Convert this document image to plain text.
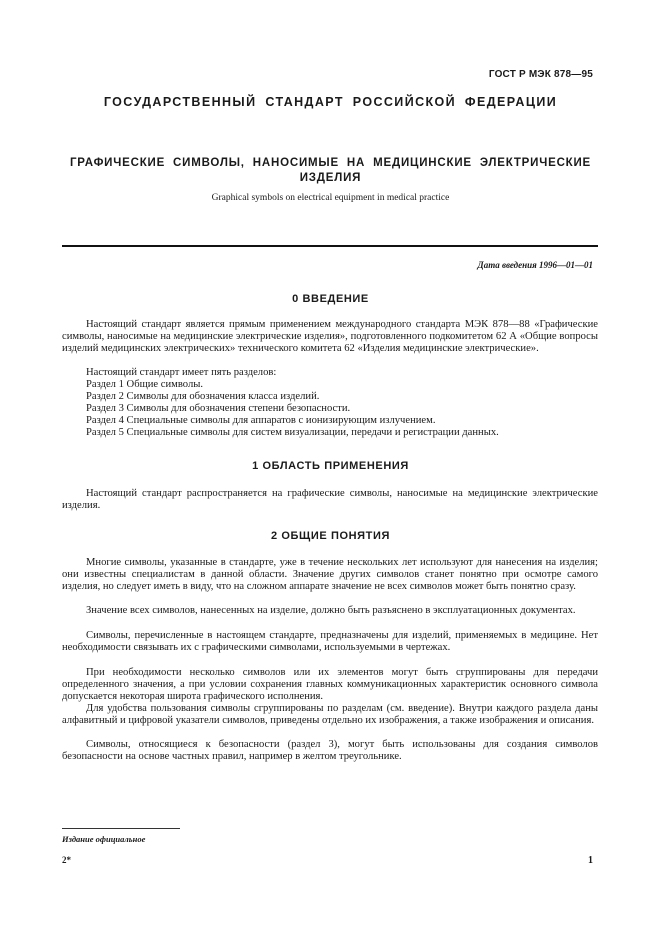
ГОСТ Р МЭК 878—95
ГОСУДАРСТВЕННЫЙ СТАНДАРТ РОССИЙСКОЙ ФЕДЕРАЦИИ
ГРАФИЧЕСКИЕ СИМВОЛЫ, НАНОСИМЫЕ НА МЕДИЦИНСКИЕ ЭЛЕКТРИЧЕСКИЕ ИЗДЕЛИЯ
Graphical symbols on electrical equipment in medical practice
Дата введения 1996—01—01
0 ВВЕДЕНИЕ

Настоящий стандарт является прямым применением международного стандарта МЭК 878—88 «Графические символы, наносимые на медицинские электрические изделия», подготовленного подкомитетом 62 А «Общие вопросы изделий медицинских электрических» технического комитета 62 «Изделия медицинские электрические».

Настоящий стандарт имеет пять разделов:
Раздел 1 Общие символы.
Раздел 2 Символы для обозначения класса изделий.
Раздел 3 Символы для обозначения степени безопасности.
Раздел 4 Специальные символы для аппаратов с ионизирующим излучением.
Раздел 5 Специальные символы для систем визуализации, передачи и регистрации данных.
1 ОБЛАСТЬ ПРИМЕНЕНИЯ

Настоящий стандарт распространяется на графические символы, наносимые на медицинские электрические изделия.

2 ОБЩИЕ ПОНЯТИЯ

Многие символы, указанные в стандарте, уже в течение нескольких лет используют для нанесения на изделия; они известны специалистам в данной области. Значение других символов станет понятно при осмотре самого изделия, но следует иметь в виду, что на сложном аппарате значение не всех символов может быть понятно сразу.

Значение всех символов, нанесенных на изделие, должно быть разъяснено в эксплуатационных документах.

Символы, перечисленные в настоящем стандарте, предназначены для изделий, применяемых в медицине. Нет необходимости связывать их с графическими символами, используемыми в чертежах.

При необходимости несколько символов или их элементов могут быть сгруппированы для передачи определенного значения, а при условии сохранения главных коммуникационных характеристик основного символа допускается некоторая широта графического исполнения.

Для удобства пользования символы сгруппированы по разделам (см. введение). Внутри каждого раздела даны алфавитный и цифровой указатели символов, приведены отдельно их изображения, а также изображения и описания.

Символы, относящиеся к безопасности (раздел 3), могут быть использованы для создания символов безопасности на основе частных правил, например в желтом треугольнике.

Издание официальное
2*	1
